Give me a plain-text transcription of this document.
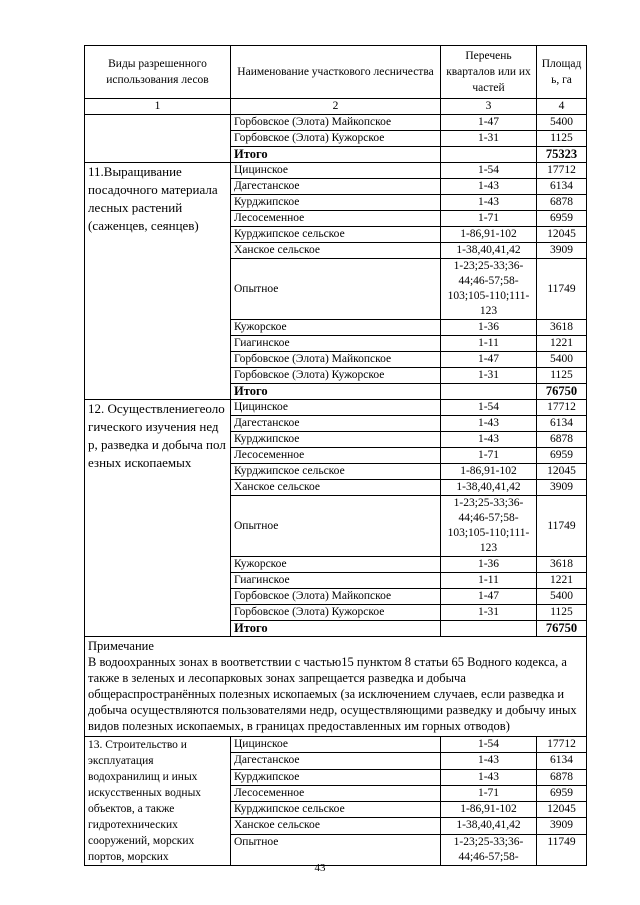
Виды разрешенного использования лесов	Наименование участкового лесничества	Перечень кварталов или их частей	Площад ь, га
1	2	3	4
	Горбовское (Элота) Майкопское	1-47	5400
	Горбовское (Элота) Кужорское	1-31	1125
	Итого		75323
11.Выращивание посадочного материала лесных растений (саженцев, сеянцев)	Цицинское	1-54	17712
	Дагестанское	1-43	6134
	Курджипское	1-43	6878
	Лесосеменное	1-71	6959
	Курджипское сельское	1-86,91-102	12045
	Ханское сельское	1-38,40,41,42	3909
	Опытное	1-23;25-33;36-44;46-57;58-103;105-110;111-123	11749
	Кужорское	1-36	3618
	Гиагинское	1-11	1221
	Горбовское (Элота) Майкопское	1-47	5400
	Горбовское (Элота) Кужорское	1-31	1125
	Итого		76750
12. Осуществлениегеологического изучения недр, разведка и добыча полезных ископаемых	Цицинское	1-54	17712
	Дагестанское	1-43	6134
	Курджипское	1-43	6878
	Лесосеменное	1-71	6959
	Курджипское сельское	1-86,91-102	12045
	Ханское сельское	1-38,40,41,42	3909
	Опытное	1-23;25-33;36-44;46-57;58-103;105-110;111-123	11749
	Кужорское	1-36	3618
	Гиагинское	1-11	1221
	Горбовское (Элота) Майкопское	1-47	5400
	Горбовское (Элота) Кужорское	1-31	1125
	Итого		76750

Примечание
В водоохранных зонах в воответствии с частью15 пунктом 8 статьи 65 Водного кодекса, а также в зеленых и лесопарковых зонах запрещается разведка и добыча общераспространённых полезных ископаемых (за исключением случаев, если разведка и добыча осуществляются пользователями недр, осуществляющими разведку и добычу иных видов полезных ископаемых, в границах предоставленных им горных отводов)			

13. Строительство и эксплуатация водохранилищ и иных искусственных водных объектов, а также гидротехнических сооружений, морских портов, морских	Цицинское	1-54	17712
	Дагестанское	1-43	6134
	Курджипское	1-43	6878
	Лесосеменное	1-71	6959
	Курджипское сельское	1-86,91-102	12045
	Ханское сельское	1-38,40,41,42	3909
	Опытное	1-23;25-33;36-44;46-57;58-	11749
43
